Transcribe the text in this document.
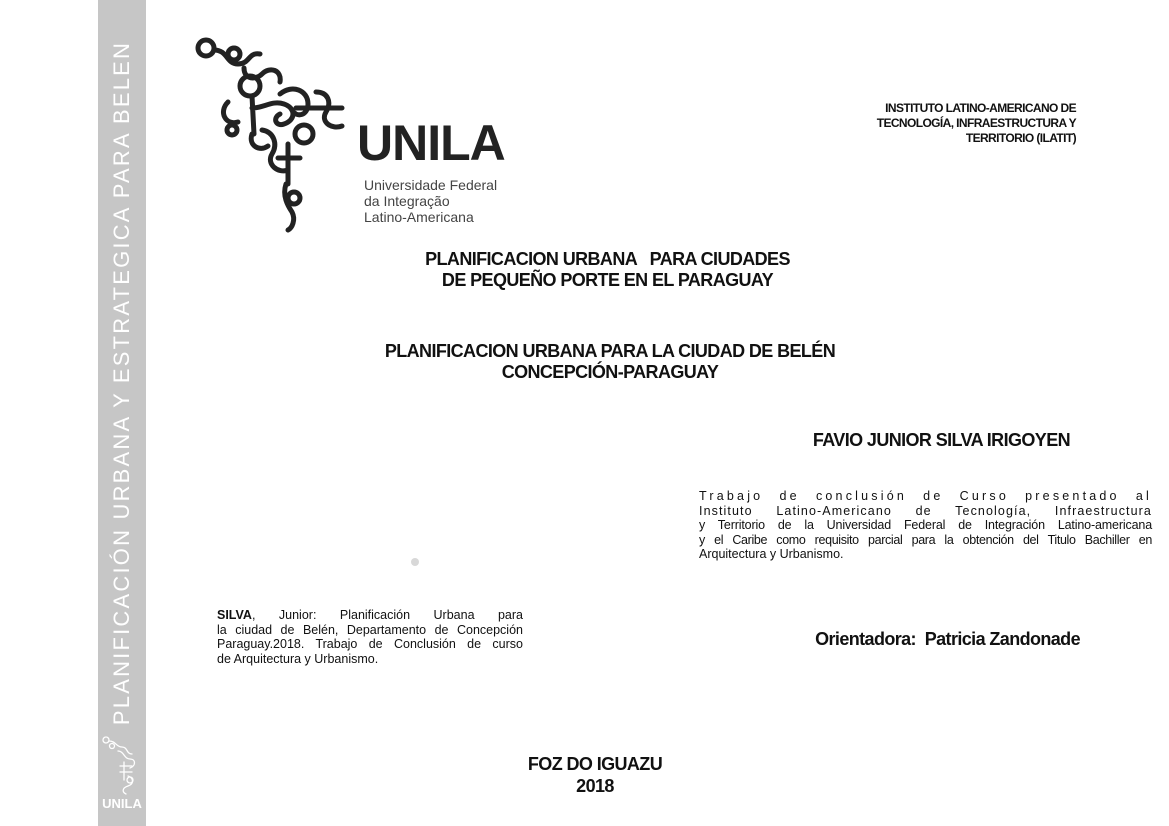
PLANIFICACIÓN URBANA Y ESTRATEGICA PARA BELEN
UNILA
UNILA
Universidade Federal
da Integração
Latino-Americana
INSTITUTO LATINO-AMERICANO DE
TECNOLOGÍA, INFRAESTRUCTURA Y
TERRITORIO (ILATIT)
PLANIFICACION URBANA   PARA CIUDADES
DE PEQUEÑO PORTE EN EL PARAGUAY
PLANIFICACION URBANA PARA LA CIUDAD DE BELÉN
CONCEPCIÓN-PARAGUAY
FAVIO JUNIOR SILVA IRIGOYEN
Trabajo de conclusión de Curso presentado al
Instituto Latino-Americano de Tecnología, Infraestructura
y Territorio de la Universidad Federal de Integración Latino-americana
y el Caribe como requisito parcial para la obtención del Titulo Bachiller en
Arquitectura y Urbanismo.
SILVA, Junior: Planificación Urbana para
la ciudad de Belén, Departamento de Concepción
Paraguay.2018. Trabajo de Conclusión de curso
de Arquitectura y Urbanismo.
Orientadora:  Patricia Zandonade
FOZ DO IGUAZU
2018
